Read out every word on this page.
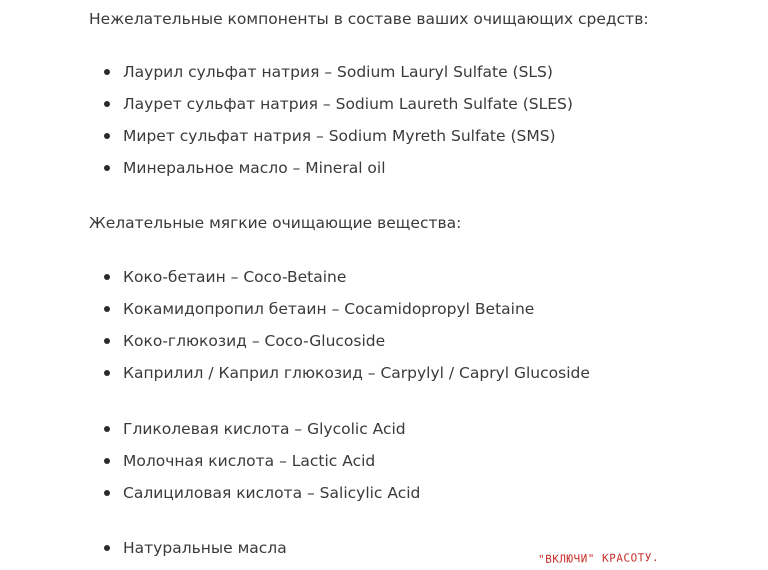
Нежелательные компоненты в составе ваших очищающих средств:

Лаурил сульфат натрия – Sodium Lauryl Sulfate (SLS)
Лаурет сульфат натрия – Sodium Laureth Sulfate (SLES)
Мирет сульфат натрия – Sodium Myreth Sulfate (SMS)
Минеральное масло – Mineral oil

Желательные мягкие очищающие вещества:

Коко-бетаин – Coco-Betaine
Кокамидопропил бетаин – Cocamidopropyl Betaine
Коко-глюкозид – Coco-Glucoside
Каприлил / Каприл глюкозид – Carpylyl / Capryl Glucoside
Гликолевая кислота – Glycolic Acid
Молочная кислота – Lactic Acid
Салициловая кислота – Salicylic Acid
Натуральные масла
"ВКЛЮЧИ" КРАСОТУ.
